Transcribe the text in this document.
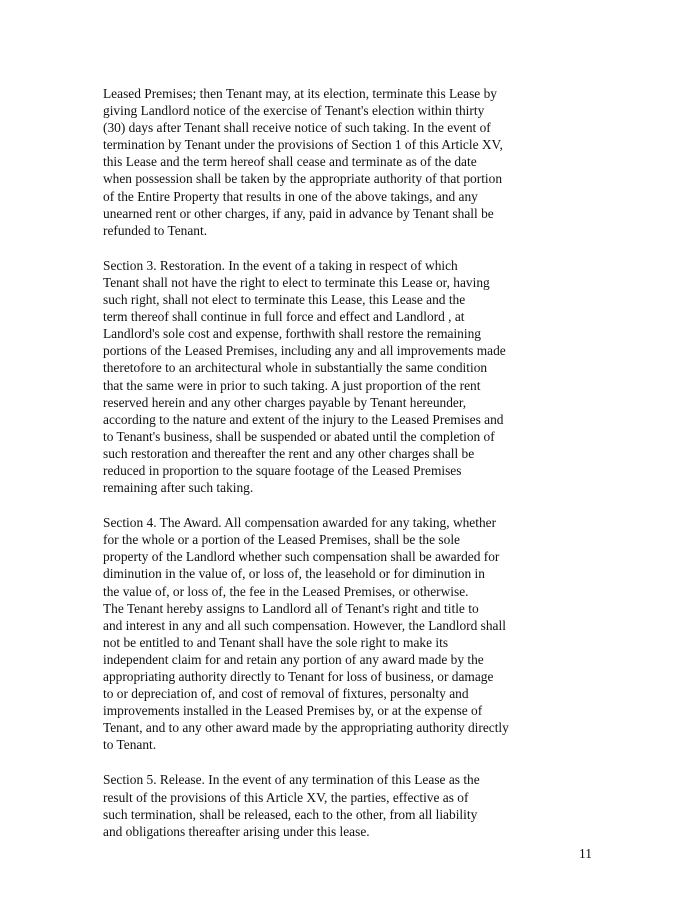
Leased Premises; then Tenant may, at its election, terminate this Lease by
giving Landlord notice of the exercise of Tenant's election within thirty
(30) days after Tenant shall receive notice of such taking. In the event of
termination by Tenant under the provisions of Section 1 of this Article XV,
this Lease and the term hereof shall cease and terminate as of the date
when possession shall be taken by the appropriate authority of that portion
of the Entire Property that results in one of the above takings, and any
unearned rent or other charges, if any, paid in advance by Tenant shall be
refunded to Tenant.
Section 3. Restoration. In the event of a taking in respect of which
Tenant shall not have the right to elect to terminate this Lease or, having
such right, shall not elect to terminate this Lease, this Lease and the
term thereof shall continue in full force and effect and Landlord , at
Landlord's sole cost and expense, forthwith shall restore the remaining
portions of the Leased Premises, including any and all improvements made
theretofore to an architectural whole in substantially the same condition
that the same were in prior to such taking. A just proportion of the rent
reserved herein and any other charges payable by Tenant hereunder,
according to the nature and extent of the injury to the Leased Premises and
to Tenant's business, shall be suspended or abated until the completion of
such restoration and thereafter the rent and any other charges shall be
reduced in proportion to the square footage of the Leased Premises
remaining after such taking.
Section 4. The Award. All compensation awarded for any taking, whether
for the whole or a portion of the Leased Premises, shall be the sole
property of the Landlord whether such compensation shall be awarded for
diminution in the value of, or loss of, the leasehold or for diminution in
the value of, or loss of, the fee in the Leased Premises, or otherwise.
The Tenant hereby assigns to Landlord all of Tenant's right and title to
and interest in any and all such compensation. However, the Landlord shall
not be entitled to and Tenant shall have the sole right to make its
independent claim for and retain any portion of any award made by the
appropriating authority directly to Tenant for loss of business, or damage
to or depreciation of, and cost of removal of fixtures, personalty and
improvements installed in the Leased Premises by, or at the expense of
Tenant, and to any other award made by the appropriating authority directly
to Tenant.
Section 5. Release. In the event of any termination of this Lease as the
result of the provisions of this Article XV, the parties, effective as of
such termination, shall be released, each to the other, from all liability
and obligations thereafter arising under this lease.
11
